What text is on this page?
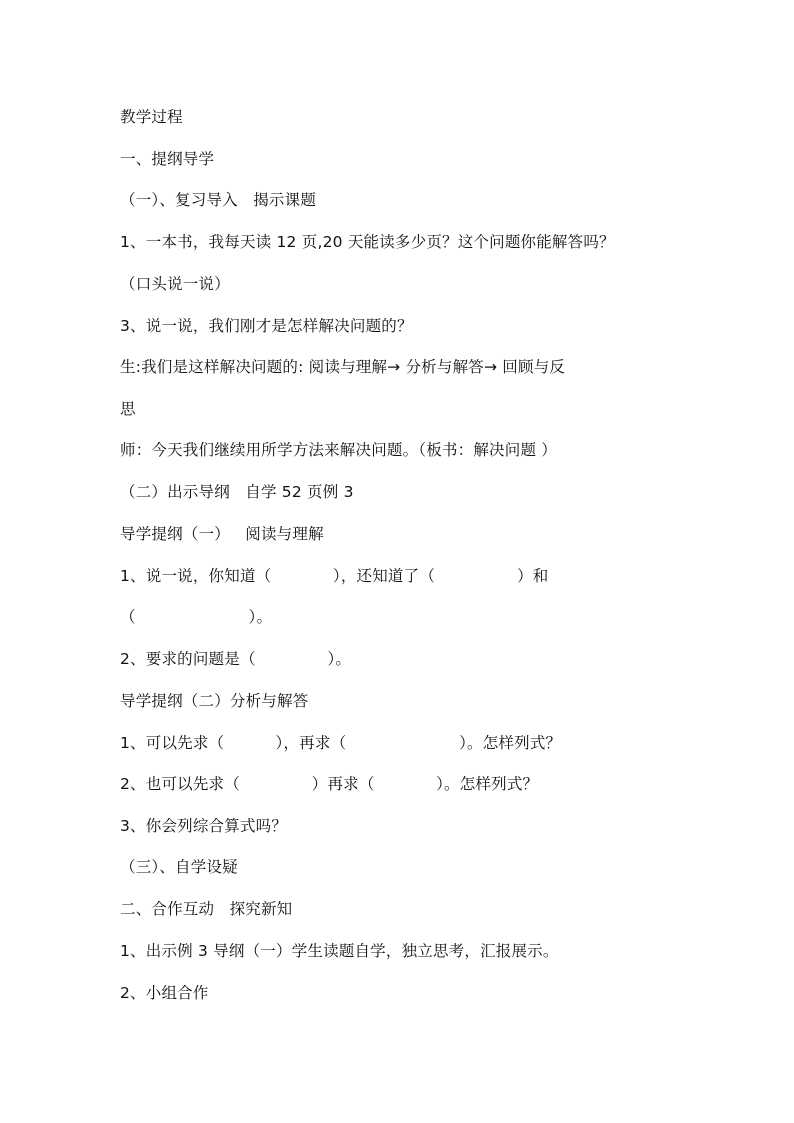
教学过程
一、提纲导学
（一）、复习导入   揭示课题
1、一本书，我每天读 12 页,20 天能读多少页？这个问题你能解答吗？
（口头说一说）
3、说一说，我们刚才是怎样解决问题的？
生:我们是这样解决问题的: 阅读与理解→ 分析与解答→ 回顾与反
思
师：今天我们继续用所学方法来解决问题。（板书：解决问题 ）
（二）出示导纲   自学 52 页例 3
导学提纲（一）   阅读与理解
1、说一说，你知道（            ），还知道了（                ）和
（                      ）。
2、要求的问题是（              ）。
导学提纲（二）分析与解答
1、可以先求（          ），再求（                      ）。怎样列式？
2、也可以先求（              ）再求（            ）。怎样列式？
3、你会列综合算式吗？
（三）、自学设疑
二、合作互动   探究新知
1、出示例 3 导纲（一）学生读题自学，独立思考，汇报展示。
2、小组合作
